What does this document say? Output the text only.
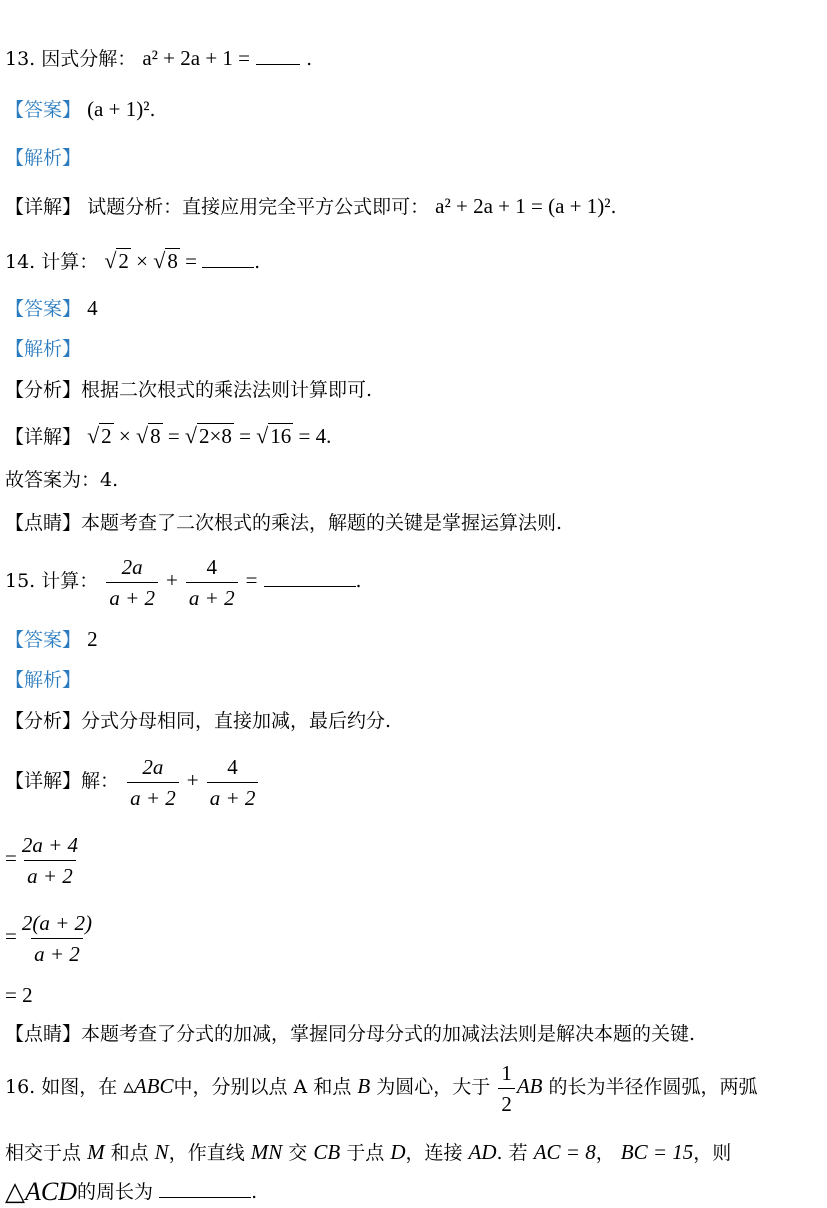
13. 因式分解： a² + 2a + 1 =	.
【答案】 (a + 1)².
【解析】
【详解】 试题分析：直接应用完全平方公式即可： a² + 2a + 1 = (a + 1)².
14. 计算： √2 × √8 =	.
【答案】 4
【解析】
【分析】根据二次根式的乘法法则计算即可.
【详解】 √2 × √8 = √2×8 = √16 = 4.
故答案为：4.
【点睛】本题考查了二次根式的乘法，解题的关键是掌握运算法则.
15. 计算： $\frac{2a}{a + 2} + \frac{4}{a + 2}$ =	.
【答案】 2
【解析】
【分析】分式分母相同，直接加减，最后约分.
【详解】解： $\frac{2a}{a + 2} + \frac{4}{a + 2}$
= $\frac{2a + 4}{a + 2}$
= $\frac{2(a + 2)}{a + 2}$
= 2
【点睛】本题考查了分式的加减，掌握同分母分式的加减法法则是解决本题的关键.
16. 如图，在 ▵ABC中，分别以点 A 和点 B 为圆心，大于 $\frac{1}{2}$ AB 的长为半径作圆弧，两弧
相交于点 M 和点 N，作直线 MN 交 CB 于点 D，连接 AD. 若 AC = 8， BC = 15，则
△ACD的周长为	.
